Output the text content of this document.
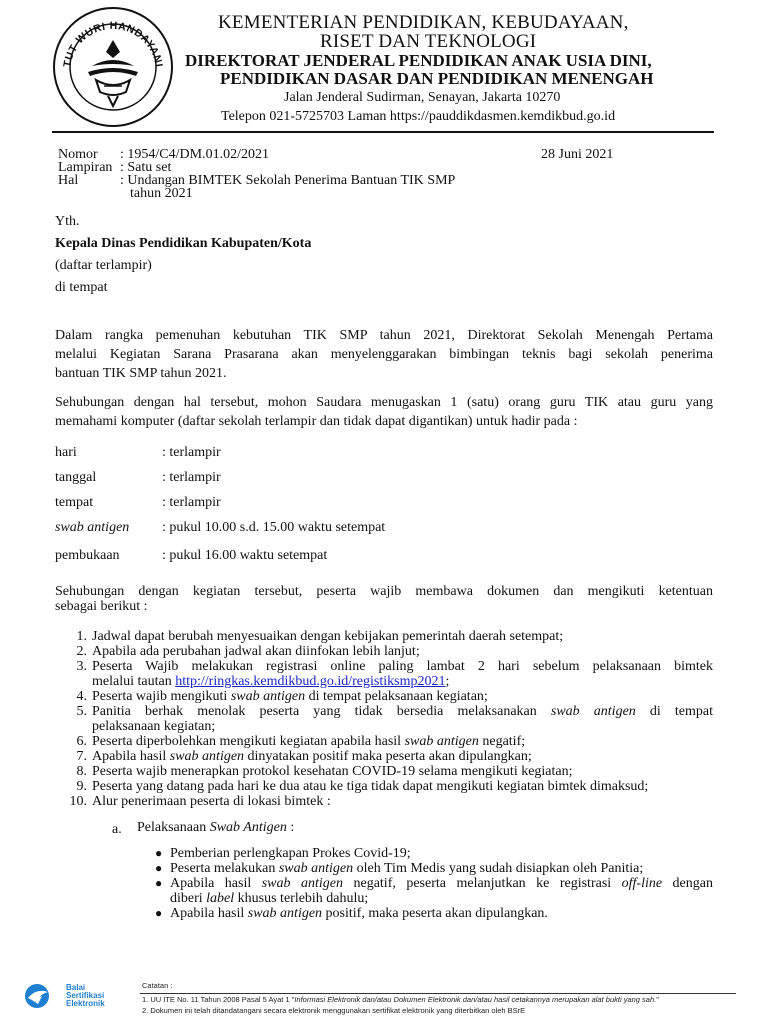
TUT WURI HANDAYANI
KEMENTERIAN PENDIDIKAN, KEBUDAYAAN,
RISET DAN TEKNOLOGI
DIREKTORAT JENDERAL PENDIDIKAN ANAK USIA DINI,
PENDIDIKAN DASAR DAN PENDIDIKAN MENENGAH
Jalan Jenderal Sudirman, Senayan, Jakarta 10270
Telepon 021-5725703 Laman https://pauddikdasmen.kemdikbud.go.id
Nomor : 1954/C4/DM.01.02/2021	28 Juni 2021
Lampiran : Satu set
Hal	: Undangan BIMTEK Sekolah Penerima Bantuan TIK SMP
tahun 2021
Yth.
Kepala Dinas Pendidikan Kabupaten/Kota
(daftar terlampir)
di tempat
Dalam rangka pemenuhan kebutuhan TIK SMP tahun 2021, Direktorat Sekolah Menengah Pertama
melalui Kegiatan Sarana Prasarana akan menyelenggarakan bimbingan teknis bagi sekolah penerima
bantuan TIK SMP tahun 2021.
Sehubungan dengan hal tersebut, mohon Saudara menugaskan 1 (satu) orang guru TIK atau guru yang
memahami komputer (daftar sekolah terlampir dan tidak dapat digantikan) untuk hadir pada :
hari	: terlampir
tanggal	: terlampir
tempat	: terlampir
swab antigen : pukul 10.00 s.d. 15.00 waktu setempat
pembukaan	: pukul 16.00 waktu setempat
Sehubungan dengan kegiatan tersebut, peserta wajib membawa dokumen dan mengikuti ketentuan
sebagai berikut :
1. Jadwal dapat berubah menyesuaikan dengan kebijakan pemerintah daerah setempat;
2. Apabila ada perubahan jadwal akan diinfokan lebih lanjut;
3. Peserta Wajib melakukan registrasi online paling lambat 2 hari sebelum pelaksanaan bimtek
melalui tautan http://ringkas.kemdikbud.go.id/registiksmp2021;
4. Peserta wajib mengikuti swab antigen di tempat pelaksanaan kegiatan;
5. Panitia berhak menolak peserta yang tidak bersedia melaksanakan swab antigen di tempat
pelaksanaan kegiatan;
6. Peserta diperbolehkan mengikuti kegiatan apabila hasil swab antigen negatif;
7. Apabila hasil swab antigen dinyatakan positif maka peserta akan dipulangkan;
8. Peserta wajib menerapkan protokol kesehatan COVID-19 selama mengikuti kegiatan;
9. Peserta yang datang pada hari ke dua atau ke tiga tidak dapat mengikuti kegiatan bimtek dimaksud;
10. Alur penerimaan peserta di lokasi bimtek :
a. Pelaksanaan Swab Antigen :
● Pemberian perlengkapan Prokes Covid-19;
● Peserta melakukan swab antigen oleh Tim Medis yang sudah disiapkan oleh Panitia;
● Apabila hasil swab antigen negatif, peserta melanjutkan ke registrasi off-line dengan
diberi label khusus terlebih dahulu;
● Apabila hasil swab antigen positif, maka peserta akan dipulangkan.
Balai
Sertifikasi
Elektronik
Catatan :
1. UU ITE No. 11 Tahun 2008 Pasal 5 Ayat 1 "Informasi Elektronik dan/atau Dokumen Elektronik dan/atau hasil cetakannya merupakan alat bukti yang sah."
2. Dokumen ini telah ditandatangani secara elektronik menggunakan sertifikat elektronik yang diterbitkan oleh BSrE
